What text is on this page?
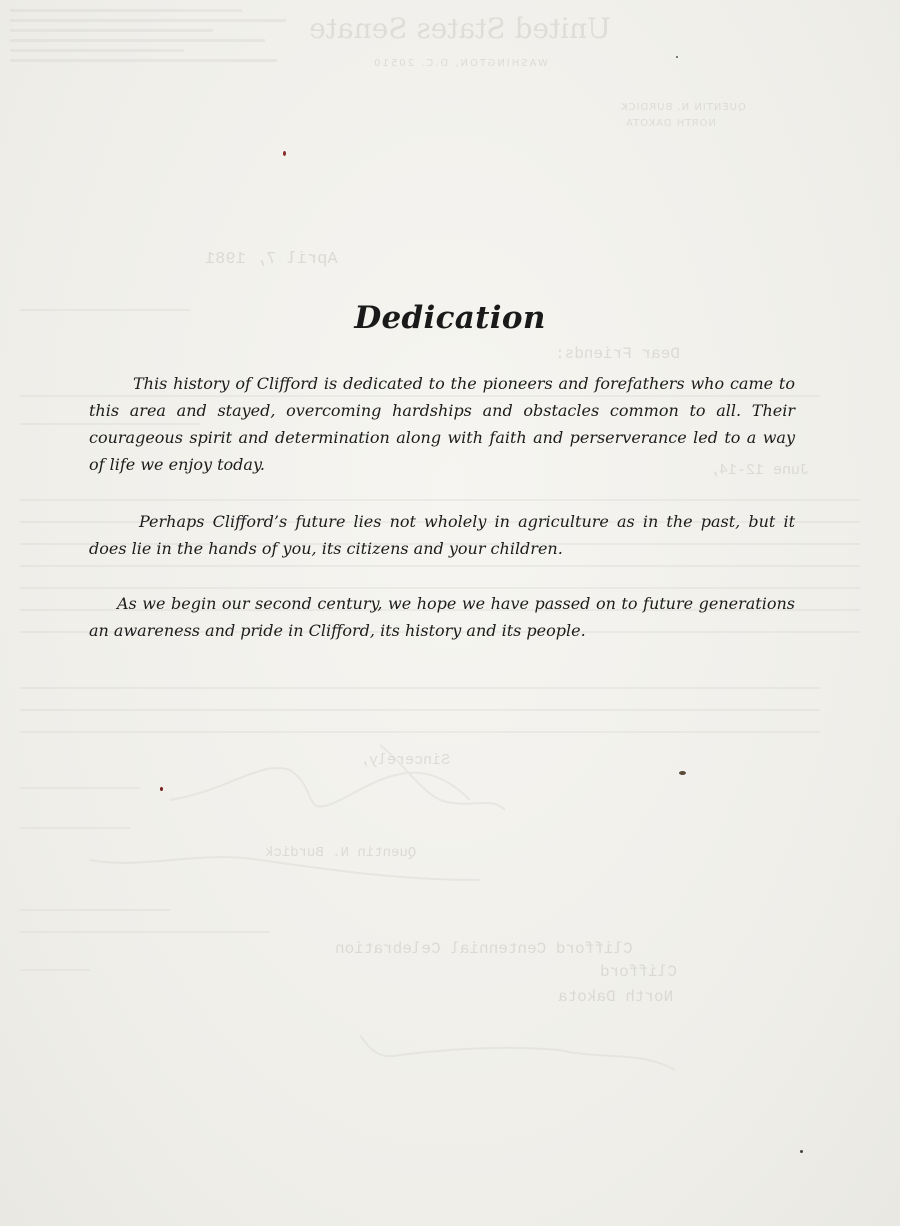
United States Senate
WASHINGTON, D.C. 20510
QUENTIN N. BURDICK
NORTH DAKOTA
April 7, 1981
Dear Friends:
June 12-14,
Sincerely,
Quentin N. Burdick
Clifford Centennial Celebration
Clifford
North Dakota
Dedication

This history of Clifford is dedicated to the pioneers and forefathers who came to this area and stayed, overcoming hardships and obstacles common to all. Their courageous spirit and determination along with faith and perserverance led to a way of life we enjoy today.

Perhaps Clifford’s future lies not wholely in agriculture as in the past, but it does lie in the hands of you, its citizens and your children.

As we begin our second century, we hope we have passed on to future generations an awareness and pride in Clifford, its history and its people.
